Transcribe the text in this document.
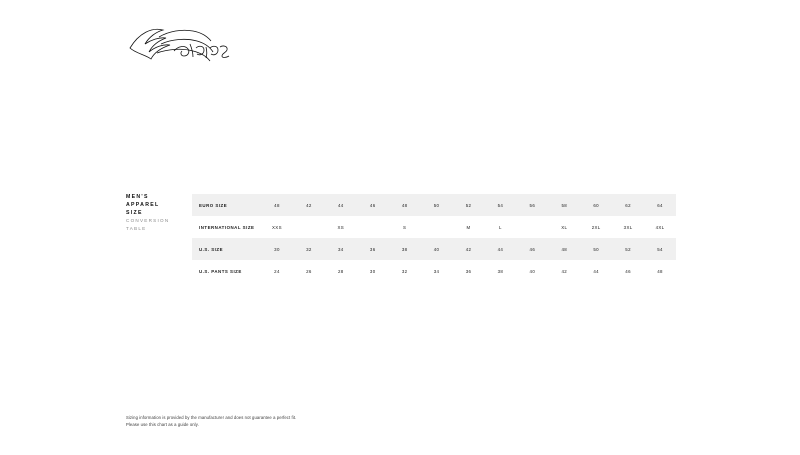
MEN'S
APPAREL
SIZE
CONVERSION
TABLE
EURO SIZE	48	42	44	46	48	50	52	54	56	58	60	62	64
INTERNATIONAL SIZE	XXS		XS		S		M	L		XL	2XL	3XL	4XL
U.S. SIZE	30	32	34	36	38	40	42	44	46	48	50	52	54
U.S. PANTS SIZE	24	26	28	30	32	34	36	38	40	42	44	46	48
Sizing information is provided by the manufacturer and does not guarantee a perfect fit.
Please use this chart as a guide only.
